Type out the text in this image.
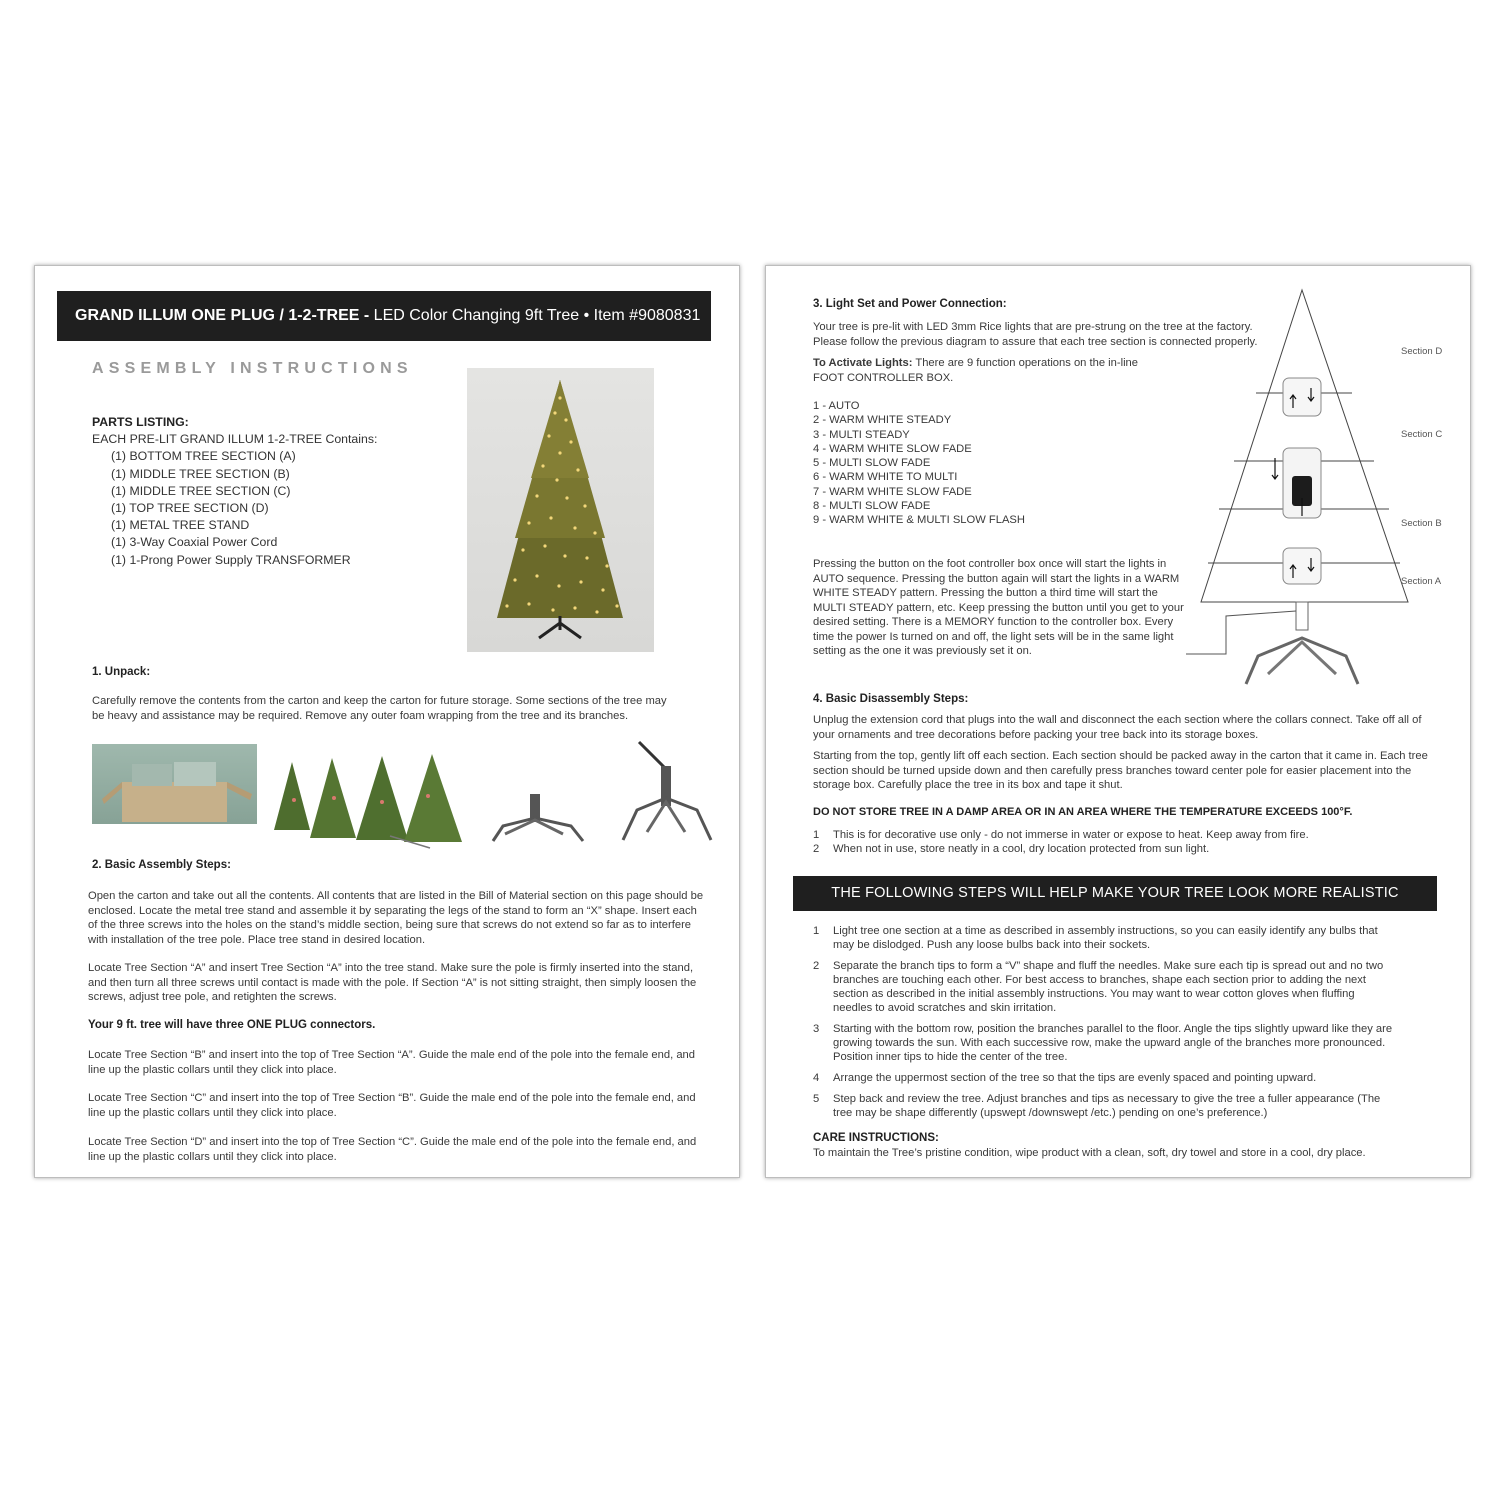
GRAND ILLUM ONE PLUG / 1-2-TREE - LED Color Changing 9ft Tree • Item #9080831
ASSEMBLY INSTRUCTIONS
PARTS LISTING:
EACH PRE-LIT GRAND ILLUM 1-2-TREE Contains:
(1) BOTTOM TREE SECTION (A)
(1) MIDDLE TREE SECTION (B)
(1) MIDDLE TREE SECTION (C)
(1) TOP TREE SECTION (D)
(1) METAL TREE STAND
(1) 3-Way Coaxial Power Cord
(1) 1-Prong Power Supply TRANSFORMER
1. Unpack:
Carefully remove the contents from the carton and keep the carton for future storage. Some sections of the tree may be heavy and assistance may be required. Remove any outer foam wrapping from the tree and its branches.
2. Basic Assembly Steps:
Open the carton and take out all the contents. All contents that are listed in the Bill of Material section on this page should be enclosed. Locate the metal tree stand and assemble it by separating the legs of the stand to form an “X” shape. Insert each of the three screws into the holes on the stand’s middle section, being sure that screws do not extend so far as to interfere with installation of the tree pole. Place tree stand in desired location.
Locate Tree Section “A” and insert Tree Section “A” into the tree stand. Make sure the pole is firmly inserted into the stand, and then turn all three screws until contact is made with the pole. If Section “A” is not sitting straight, then simply loosen the screws, adjust tree pole, and retighten the screws.
Your 9 ft. tree will have three ONE PLUG connectors.
Locate Tree Section “B” and insert into the top of Tree Section “A”. Guide the male end of the pole into the female end, and line up the plastic collars until they click into place.
Locate Tree Section “C” and insert into the top of Tree Section “B”. Guide the male end of the pole into the female end, and line up the plastic collars until they click into place.
Locate Tree Section “D” and insert into the top of Tree Section “C”. Guide the male end of the pole into the female end, and line up the plastic collars until they click into place.
3. Light Set and Power Connection:
Your tree is pre-lit with LED 3mm Rice lights that are pre-strung on the tree at the factory. Please follow the previous diagram to assure that each tree section is connected properly.
To Activate Lights: There are 9 function operations on the in-line FOOT CONTROLLER BOX.
1 - AUTO
2 - WARM WHITE STEADY
3 - MULTI STEADY
4 - WARM WHITE SLOW FADE
5 - MULTI SLOW FADE
6 - WARM WHITE TO MULTI
7 - WARM WHITE SLOW FADE
8 - MULTI SLOW FADE
9 - WARM WHITE & MULTI SLOW FLASH
Pressing the button on the foot controller box once will start the lights in AUTO sequence. Pressing the button again will start the lights in a WARM WHITE STEADY pattern. Pressing the button a third time will start the MULTI STEADY pattern, etc. Keep pressing the button until you get to your desired setting. There is a MEMORY function to the controller box. Every time the power Is turned on and off, the light sets will be in the same light setting as the one it was previously set it on.
Section D
Section C
Section B
Section A
4. Basic Disassembly Steps:
Unplug the extension cord that plugs into the wall and disconnect the each section where the collars connect. Take off all of your ornaments and tree decorations before packing your tree back into its storage boxes.
Starting from the top, gently lift off each section. Each section should be packed away in the carton that it came in. Each tree section should be turned upside down and then carefully press branches toward center pole for easier placement into the storage box. Carefully place the tree in its box and tape it shut.
DO NOT STORE TREE IN A DAMP AREA OR IN AN AREA WHERE THE TEMPERATURE EXCEEDS 100°F.
1 This is for decorative use only - do not immerse in water or expose to heat. Keep away from fire.
2 When not in use, store neatly in a cool, dry location protected from sun light.
THE FOLLOWING STEPS WILL HELP MAKE YOUR TREE LOOK MORE REALISTIC
1 Light tree one section at a time as described in assembly instructions, so you can easily identify any bulbs that may be dislodged. Push any loose bulbs back into their sockets.
2 Separate the branch tips to form a “V” shape and fluff the needles. Make sure each tip is spread out and no two branches are touching each other. For best access to branches, shape each section prior to adding the next section as described in the initial assembly instructions. You may want to wear cotton gloves when fluffing needles to avoid scratches and skin irritation.
3 Starting with the bottom row, position the branches parallel to the floor. Angle the tips slightly upward like they are growing towards the sun. With each successive row, make the upward angle of the branches more pronounced. Position inner tips to hide the center of the tree.
4 Arrange the uppermost section of the tree so that the tips are evenly spaced and pointing upward.
5 Step back and review the tree. Adjust branches and tips as necessary to give the tree a fuller appearance (The tree may be shape differently (upswept /downswept /etc.) pending on one’s preference.)
CARE INSTRUCTIONS:
To maintain the Tree’s pristine condition, wipe product with a clean, soft, dry towel and store in a cool, dry place.
